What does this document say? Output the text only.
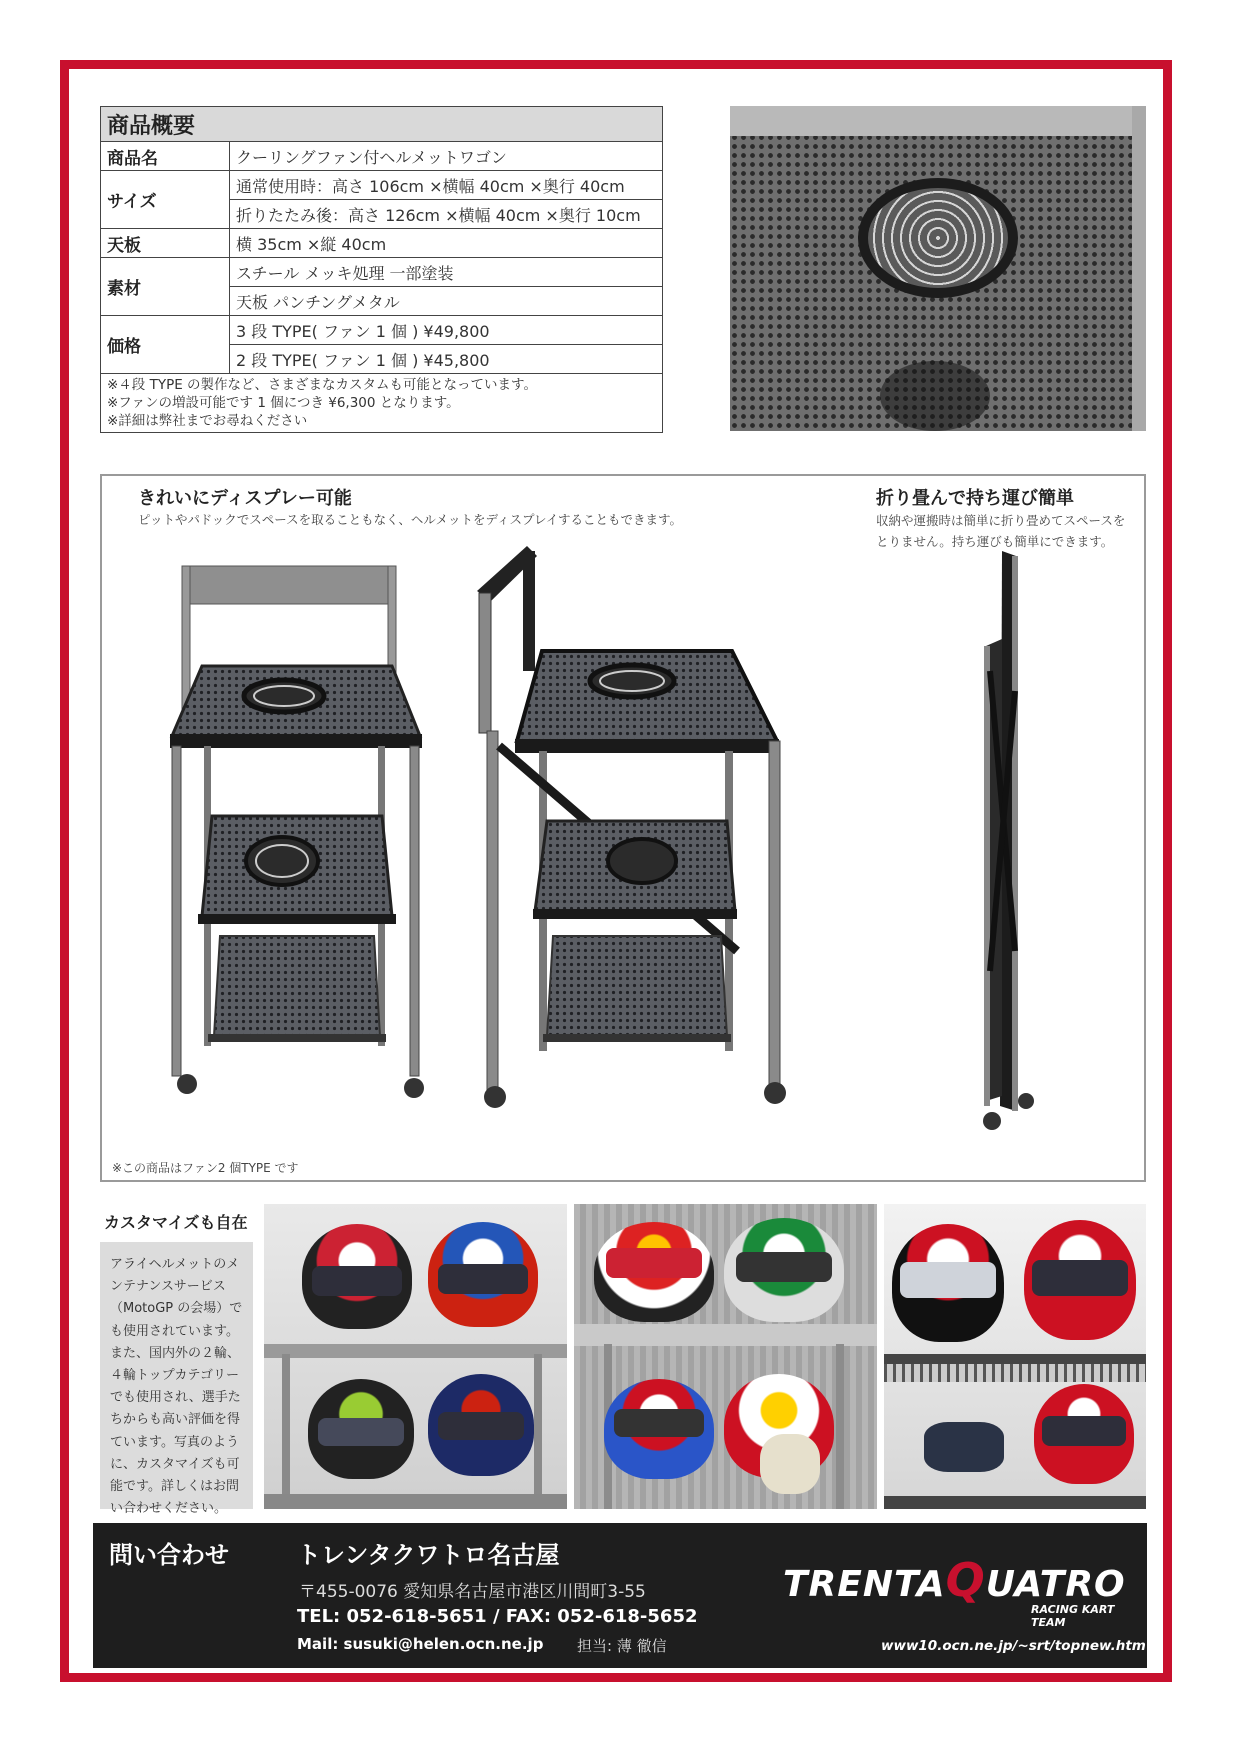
商品概要	
商品名	クーリングファン付ヘルメットワゴン
サイズ	通常使用時：高さ 106cm ×横幅 40cm ×奥行 40cm
	折りたたみ後：高さ 126cm ×横幅 40cm ×奥行 10cm
天板	横 35cm ×縦 40cm
素材	スチール メッキ処理 一部塗装
	天板 パンチングメタル
価格	3 段 TYPE( ファン 1 個 ) ¥49,800
	2 段 TYPE( ファン 1 個 ) ¥45,800

※４段 TYPE の製作など、さまざまなカスタムも可能となっています。
※ファンの増設可能です 1 個につき ¥6,300 となります。
※詳細は弊社までお尋ねください	
きれいにディスプレー可能
ピットやパドックでスペースを取ることもなく、ヘルメットをディスプレイすることもできます。
折り畳んで持ち運び簡単
収納や運搬時は簡単に折り畳めてスペースをとりません。持ち運びも簡単にできます。
※この商品はファン2 個TYPE です
カスタマイズも自在
アライヘルメットのメンテナンスサービス（MotoGP の会場）でも使用されています。また、国内外の２輪、４輪トップカテゴリーでも使用され、選手たちからも高い評価を得ています。写真のように、カスタマイズも可能です。詳しくはお問い合わせください。
問い合わせ	トレンタクワトロ名古屋
〒455-0076 愛知県名古屋市港区川間町3-55
TEL: 052-618-5651 / FAX: 052-618-5652
Mail: susuki@helen.ocn.ne.jp 担当: 薄 徹信
TRENTAQUATRO
RACING KART TEAM
www10.ocn.ne.jp/~srt/topnew.htm
